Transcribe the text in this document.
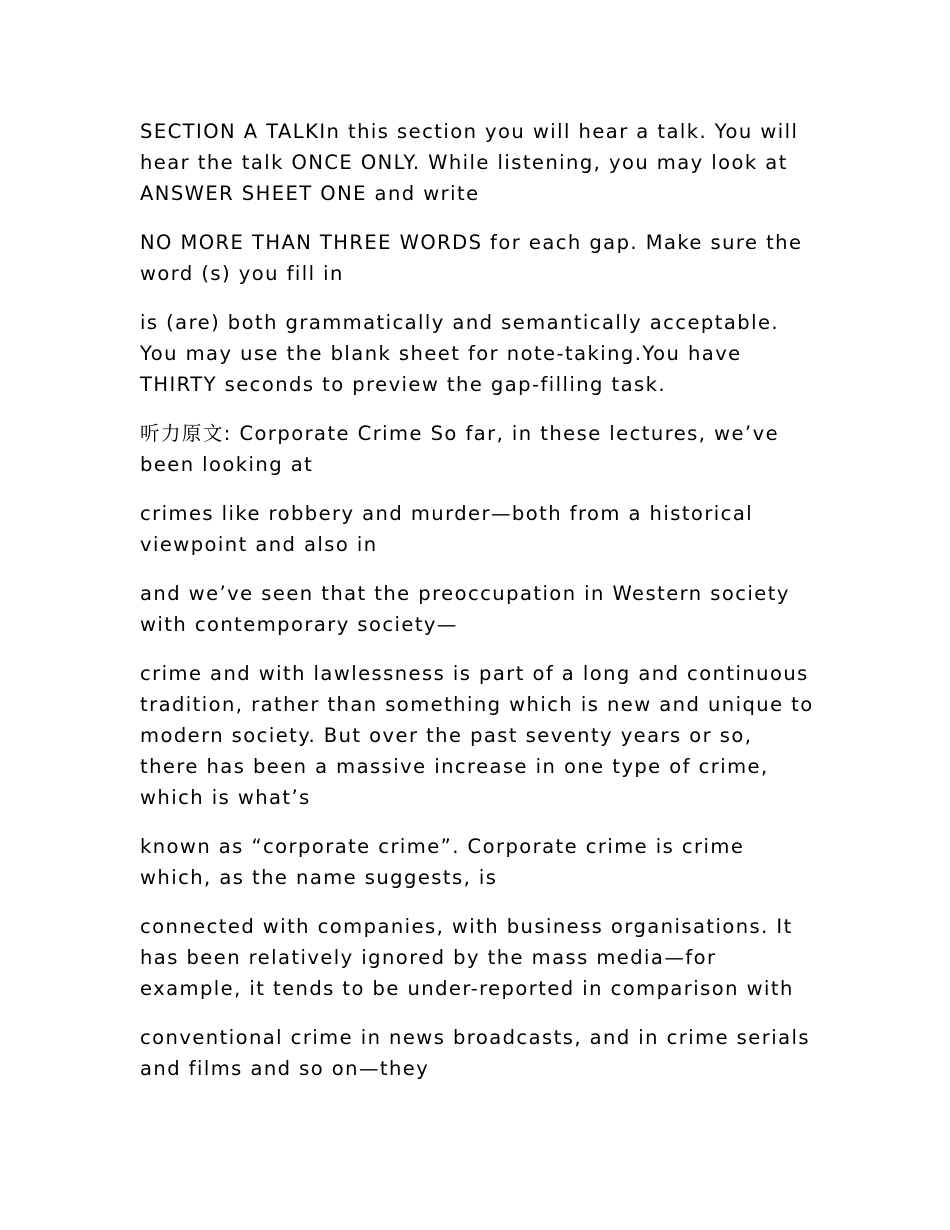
SECTION A TALKIn this section you will hear a talk. You will hear the talk ONCE ONLY. While listening, you may look at ANSWER SHEET ONE and write

NO MORE THAN THREE WORDS for each gap. Make sure the word (s) you fill in

is (are) both grammatically and semantically acceptable. You may use the blank sheet for note-taking.You have THIRTY seconds to preview the gap-filling task.

听力原文: Corporate Crime So far, in these lectures, we’ve been looking at

crimes like robbery and murder—both from a historical viewpoint and also in

and we’ve seen that the preoccupation in Western society with contemporary society—

crime and with lawlessness is part of a long and continuous tradition, rather than something which is new and unique to modern society. But over the past seventy years or so, there has been a massive increase in one type of crime, which is what’s

known as “corporate crime”. Corporate crime is crime which, as the name suggests, is

connected with companies, with business organisations. It has been relatively ignored by the mass media—for example, it tends to be under-reported in comparison with

conventional crime in news broadcasts, and in crime serials and films and so on—they
